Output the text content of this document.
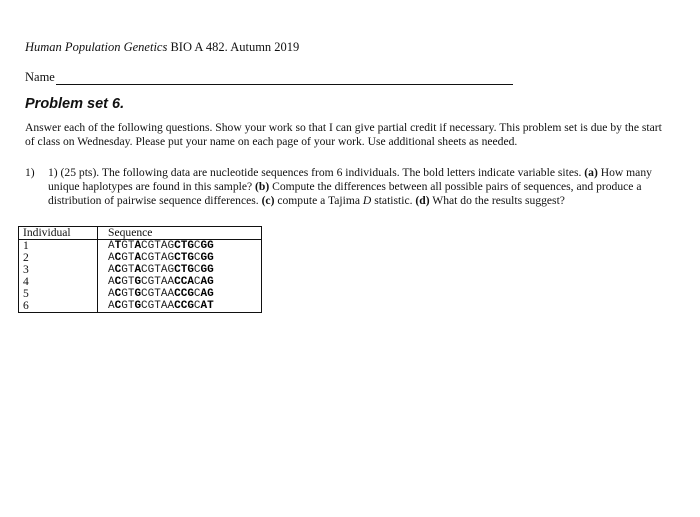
Human Population Genetics BIO A 482. Autumn 2019
Name
Problem set 6.
Answer each of the following questions. Show your work so that I can give partial credit if necessary. This problem set is due by the start of class on Wednesday. Please put your name on each page of your work. Use additional sheets as needed.
1) 1) (25 pts). The following data are nucleotide sequences from 6 individuals. The bold letters indicate variable sites. (a) How many unique haplotypes are found in this sample? (b) Compute the differences between all possible pairs of sequences, and produce a distribution of pairwise sequence differences. (c) compute a Tajima D statistic. (d) What do the results suggest?
Individual	Sequence
1	ATGTACGTAGCTGCGG
2	ACGTACGTAGCTGCGG
3	ACGTACGTAGCTGCGG
4	ACGTGCGTAACCACAG
5	ACGTGCGTAACCGCAG
6	ACGTGCGTAACCGCAT
